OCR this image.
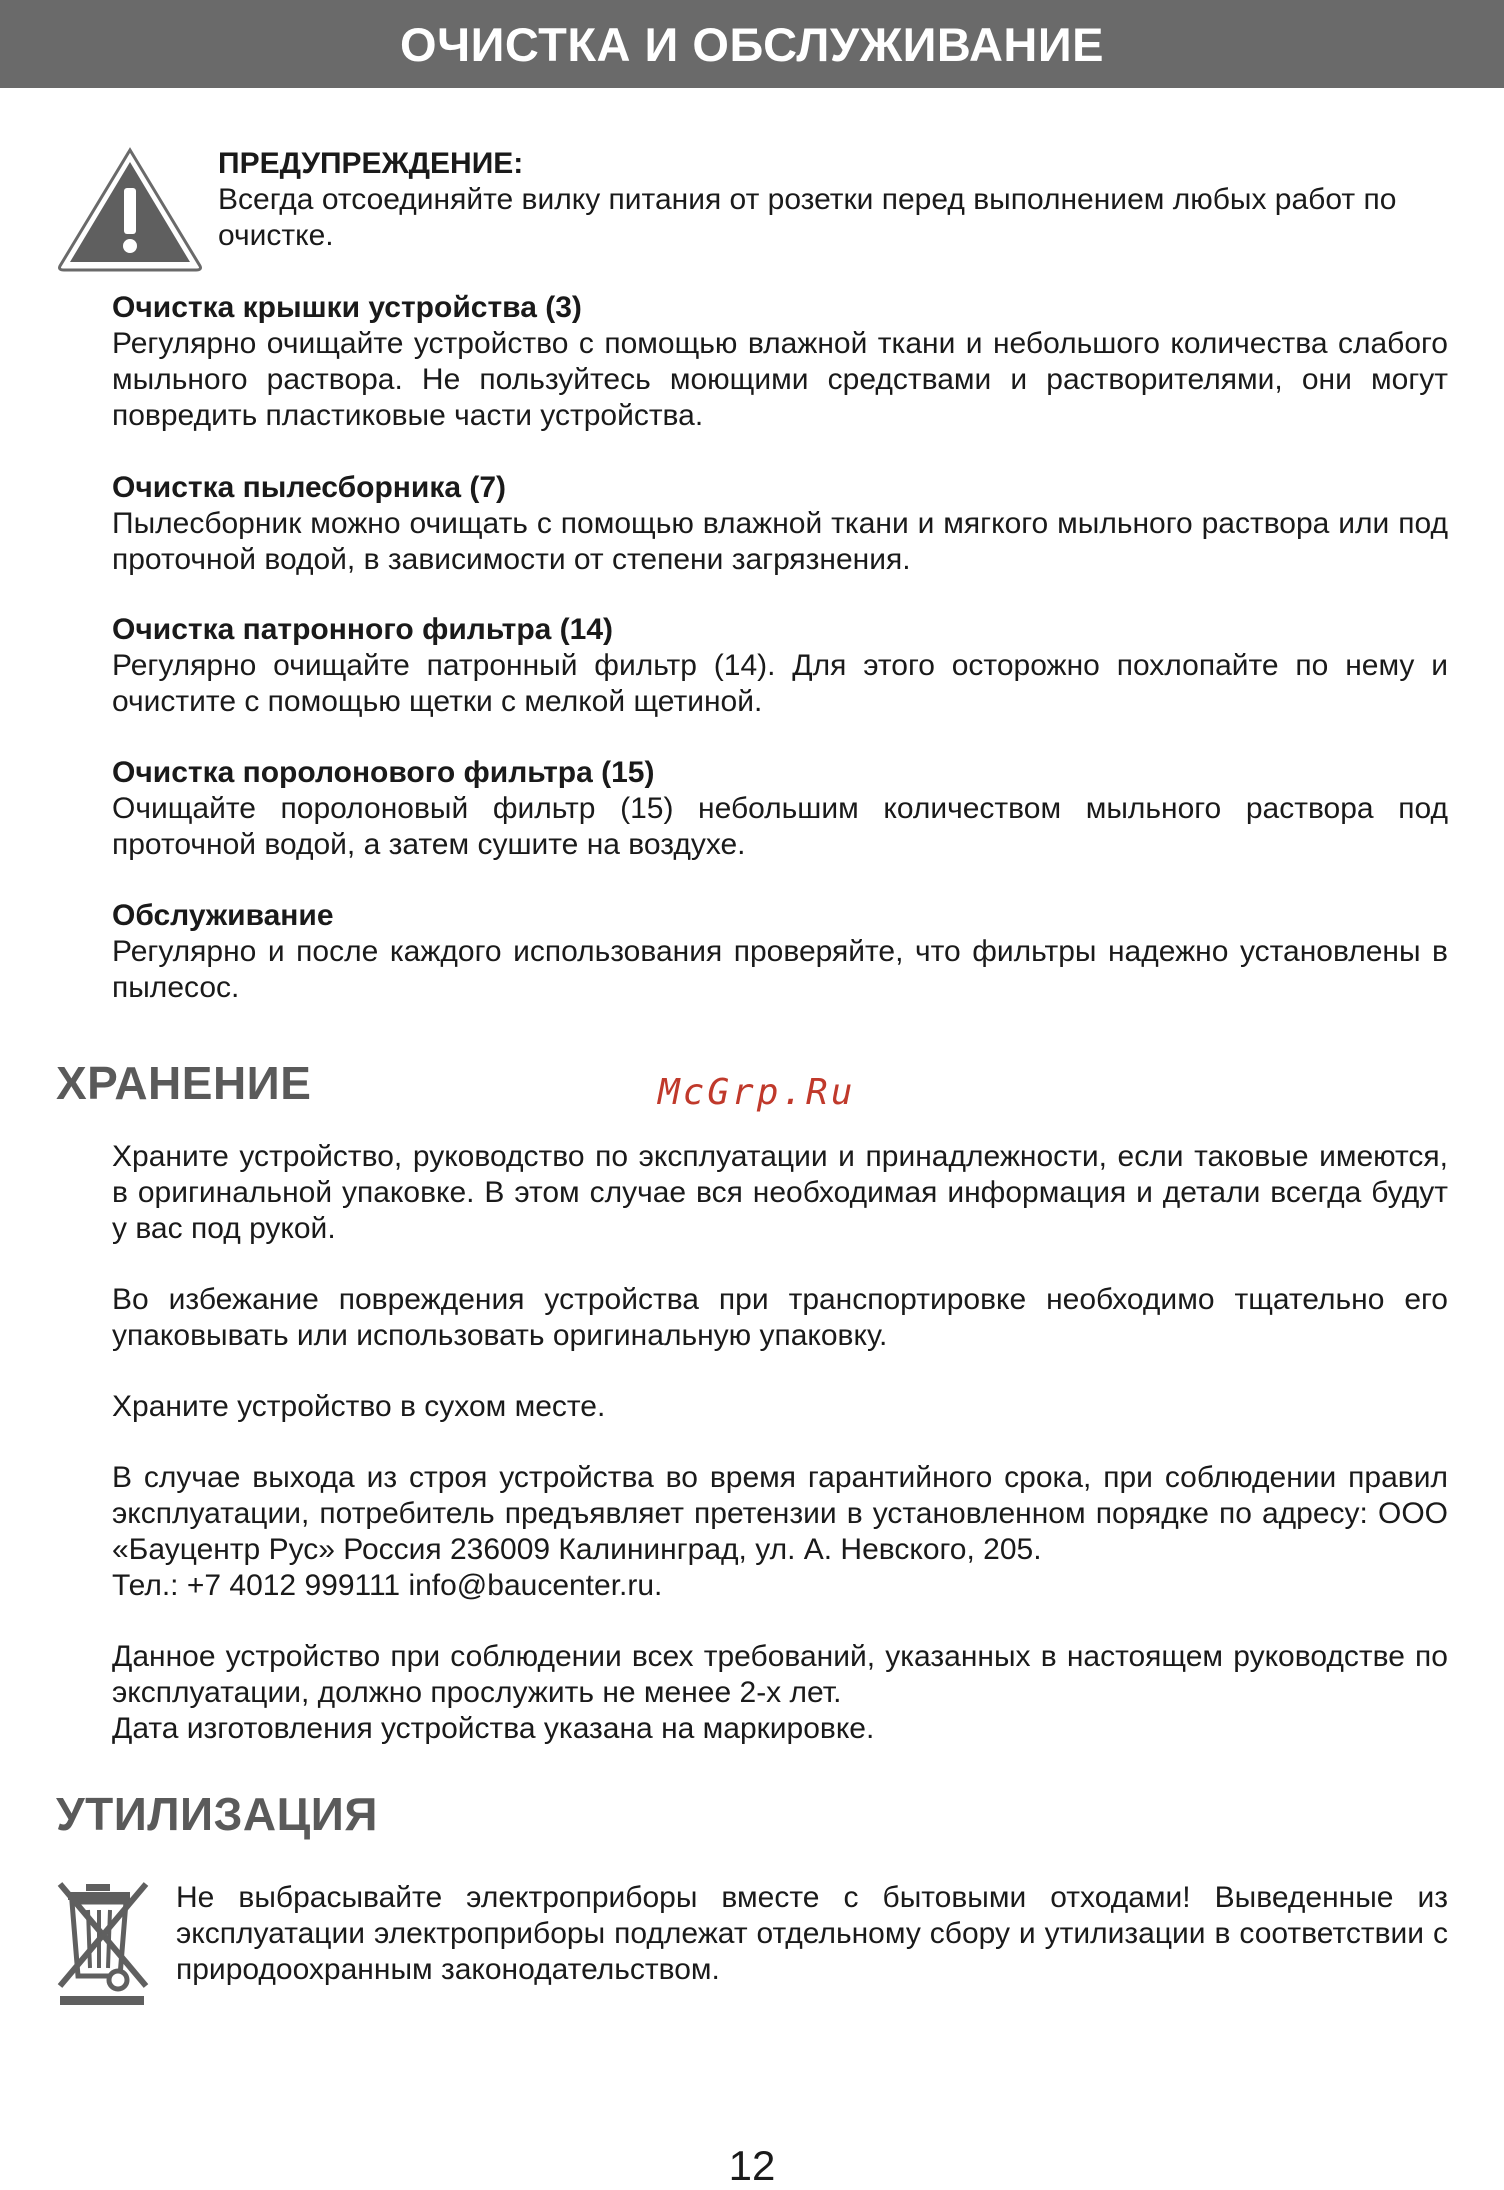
ОЧИСТКА И ОБСЛУЖИВАНИЕ
ПРЕДУПРЕЖДЕНИЕ:
Всегда отсоединяйте вилку питания от розетки перед выполнением любых работ по очистке.
Очистка крышки устройства (3)
Регулярно очищайте устройство с помощью влажной ткани и небольшого количества слабого мыльного раствора. Не пользуйтесь моющими средствами и растворителями, они могут повредить пластиковые части устройства.
Очистка пылесборника (7)
Пылесборник можно очищать с помощью влажной ткани и мягкого мыльного раствора или под проточной водой, в зависимости от степени загрязнения.
Очистка патронного фильтра (14)
Регулярно очищайте патронный фильтр (14). Для этого осторожно похлопайте по нему и очистите с помощью щетки с мелкой щетиной.
Очистка поролонового фильтра (15)
Очищайте поролоновый фильтр (15) небольшим количеством мыльного раствора под проточной водой, а затем сушите на воздухе.
Обслуживание
Регулярно и после каждого использования проверяйте, что фильтры надежно установлены в пылесос.
ХРАНЕНИЕ	McGrp.Ru
Храните устройство, руководство по эксплуатации и принадлежности, если таковые имеются, в оригинальной упаковке. В этом случае вся необходимая информация и детали всегда будут у вас под рукой.
Во избежание повреждения устройства при транспортировке необходимо тщательно его упаковывать или использовать оригинальную упаковку.
Храните устройство в сухом месте.
В случае выхода из строя устройства во время гарантийного срока, при соблюдении правил эксплуатации, потребитель предъявляет претензии в установленном порядке по адресу: ООО «Бауцентр Рус» Россия 236009 Калининград, ул. А. Невского, 205.
Тел.: +7 4012 999111 info@baucenter.ru.
Данное устройство при соблюдении всех требований, указанных в настоящем руководстве по эксплуатации, должно прослужить не менее 2-х лет.
Дата изготовления устройства указана на маркировке.
УТИЛИЗАЦИЯ
Не выбрасывайте электроприборы вместе с бытовыми отходами! Выведенные из эксплуатации электроприборы подлежат отдельному сбору и утилизации в соответствии с природоохранным законодательством.
12
